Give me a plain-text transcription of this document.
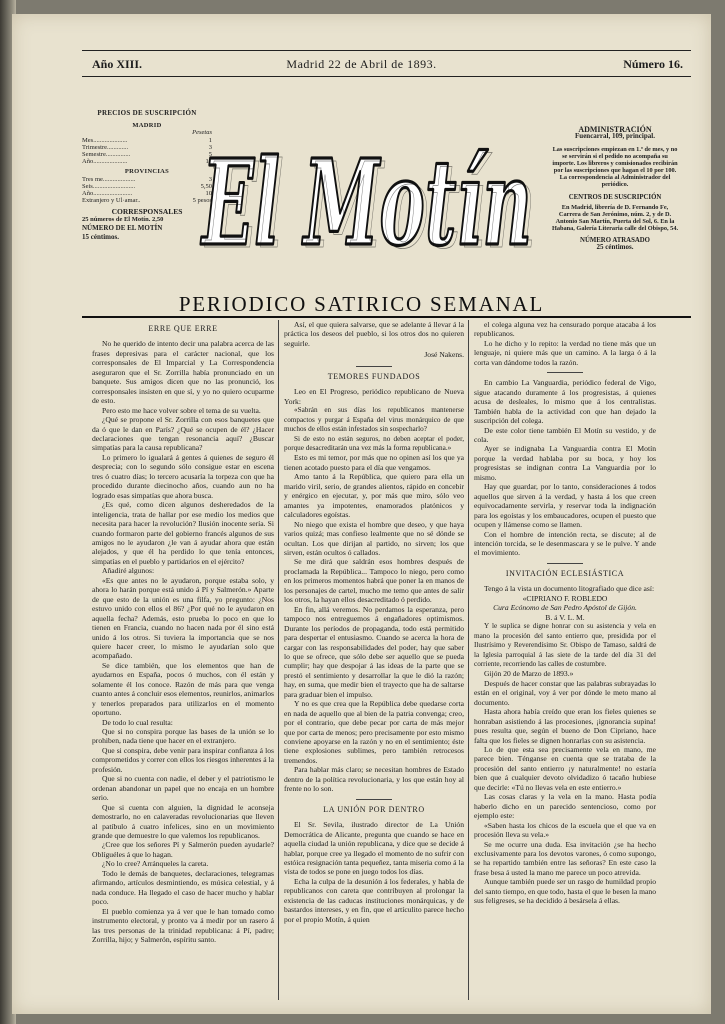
Año XIII.	Madrid 22 de Abril de 1893.	Número 16.
PRECIOS DE SUSCRIPCIÓN
MADRID
Pesetas
Mes.....................	1
Trimestre.............	3
Semestre...............	5
Año.....................	10
PROVINCIAS
Tres me....................	3
Seis..........................	5,50
Año........................	10
Extranjero y Ul·amar..	5 pesos
CORRESPONSALES
25 números de El Motín. 2,50
NÚMERO DE EL MOTÍN
15 céntimos.
ADMINISTRACIÓN
Fuencarral, 109, principal.
Las suscripciones empiezan en 1.º de mes, y no se servirán si el pedido no acompaña su importe. Los libreros y comisionados recibirán por las suscripciones que hagan el 10 por 100. La correspondencia al Administrador del periódico.
CENTROS DE SUSCRIPCIÓN
En Madrid, librería de D. Fernando Fe, Carrera de San Jerónimo, núm. 2, y de D. Antonio San Martín, Puerta del Sol, 6. En la Habana, Galería Literaria calle del Obispo, 54.
NÚMERO ATRASADO
25 céntimos.
El Motín
El Motín
PERIODICO SATIRICO SEMANAL

ERRE QUE ERRE

No he querido de intento decir una palabra acerca de las frases depresivas para el carácter nacional, que los corresponsales de El Imparcial y La Correspondencia aseguraron que el Sr. Zorrilla había pronunciado en un banquete. Sus amigos dicen que no las pronunció, los corresponsales insisten en que sí, y yo no quiero ocuparme de esto.

Pero esto me hace volver sobre el tema de su vuelta.

¿Qué se propone el Sr. Zorrilla con esos banquetes que da ó que le dan en París? ¿Qué se ocupen de él? ¿Hacer declaraciones que tengan resonancia aquí? ¿Buscar simpatías para la causa republicana?

Lo primero lo igualará á gentes á quienes de seguro él desprecia; con lo segundo sólo consigue estar en escena tres ó cuatro días; lo tercero acusaría la torpeza con que ha procedido durante diecinocho años, cuando aun no ha logrado esas simpatías que ahora busca.

¿Es qué, como dicen algunos desheredados de la inteligencia, trata de hallar por ese medio los medios que necesita para hacer la revolución? Ilusión inocente sería. Si cuando formaron parte del gobierno francés algunos de sus amigos no le ayudaron ¿le van á ayudar ahora que están alejados, y que él ha perdido lo que tenía entonces, simpatías en el pueblo y partidarios en el ejército?

Añadiré algunos:

«Es que antes no le ayudaron, porque estaba solo, y ahora lo harán porque está unido á Pí y Salmerón.» Aparte de que esto de la unión es una filfa, yo pregunto: ¿Nos estuvo unido con ellos el 86? ¿Por qué no le ayudaron en aquella fecha? Además, esto prueba lo poco en que lo tienen en Francia, cuando no hacen nada por él sino está unido á los otros. Si tuviera la importancia que se nos quiere hacer creer, lo mismo le ayudarían solo que acompañado.

Se dice también, que los elementos que han de ayudarnos en España, pocos ó muchos, con él están y solamente él los conoce. Razón de más para que venga cuanto antes á concluir esos elementos, reunirlos, animarlos y tenerlos preparados para utilizarlos en el momento oportuno.

De todo lo cual resulta:

Que si no conspira porque las bases de la unión se lo prohiben, nada tiene que hacer en el extranjero.

Que si conspira, debe venir para inspirar confianza á los comprometidos y correr con ellos los riesgos inherentes á la profesión.

Que si no cuenta con nadie, el deber y el patriotismo le ordenan abandonar un papel que no encaja en un hombre serio.

Que si cuenta con alguien, la dignidad le aconseja demostrarlo, no en calaveradas revolucionarias que lleven al patíbulo á cuatro infelices, sino en un movimiento grande que demuestre lo que valemos los republicanos.

¿Cree que los señores Pí y Salmerón pueden ayudarle? Oblíguéles á que lo hagan.

¿No lo cree? Arránqueles la careta.

Todo le demás de banquetes, declaraciones, telegramas afirmando, artículos desmintiendo, es música celestial, y á nada conduce. Ha llegado el caso de hacer mucho y hablar poco.

El pueblo comienza ya á ver que le han tomado como instrumento electoral, y pronto va á medir por un rasero á las tres personas de la trinidad republicana: á Pí, padre; Zorrilla, hijo; y Salmerón, espíritu santo.

Así, el que quiera salvarse, que se adelante á llevar á la práctica los deseos del pueblo, si los otros dos no quieren seguirle.

José Nakens.

TEMORES FUNDADOS

Leo en El Progreso, periódico republicano de Nueva York:

«Sabrán en sus días los republicanos mantenerse compactos y purgar á España del virus monárquico de que muchos de ellos están infestados sin sospecharlo?

Si de esto no están seguros, no deben aceptar el poder, porque desacreditarán una vez más la forma republicana.»

Esto es mi temor, por más que no opinen así los que ya tienen acotado puesto para el día que vengamos.

Amo tanto á la República, que quiero para ella un marido viril, serio, de grandes alientos, rápido en concebir y enérgico en ejecutar, y, por más que miro, sólo veo amantes ya impotentes, enamorados platónicos y calculadores egoístas.

No niego que exista el hombre que deseo, y que haya varios quizá; mas confieso lealmente que no sé dónde se ocultan. Los que dirijan al partido, no sirven; los que sirven, están ocultos ó callados.

Se me dirá que saldrán esos hombres después de proclamada la República... Tampoco lo niego, pero como en los primeros momentos habrá que poner la en manos de los personajes de cartel, mucho me temo que antes de salir los otros, la hayan ellos desacreditado ó perdido.

En fin, allá veremos. No perdamos la esperanza, pero tampoco nos entreguemos á engañadores optimismos. Durante los períodos de propaganda, todo está permitido para despertar el entusiasmo. Cuando se acerca la hora de cargar con las responsabilidades del poder, hay que saber lo que se ofrece, que sólo debe ser aquello que se pueda cumplir; hay que despojar á las ideas de la parte que se prestó el sentimiento y desarrollar la que le dió la razón; hay, en suma, que medir bien el trayecto que ha de saltarse para graduar bien el impulso.

Y no es que crea que la República debe quedarse corta en nada de aquello que al bien de la patria convenga; creo, por el contrario, que debe pecar por carta de más mejor que por carta de menos; pero precisamente por esto mismo conviene apoyarse en la razón y no en el sentimiento; éste tiene explosiones sublimes, pero también retrocesos tremendos.

Para hablar más claro; se necesitan hombres de Estado dentro de la política revolucionaria, y los que están hoy al frente no lo son.

LA UNIÓN POR DENTRO

El Sr. Sevila, ilustrado director de La Unión Democrática de Alicante, pregunta que cuando se hace en aquella ciudad la unión republicana, y dice que se decide á hablar, porque cree ya llegado el momento de no sufrir con estóica resignación tanta pequeñez, tanta miseria como á la vista de todos se pone en juego todos los días.

Echa la culpa de la desunión á los federales, y habla de republicanos con careta que contribuyen al prolongar la existencia de las caducas instituciones monárquicas, y de bastardos intereses, y en fin, que el artículito parece hecho por el propio Motín, á quien

el colega alguna vez ha censurado porque atacaba á los republicanos.

Lo he dicho y lo repito: la verdad no tiene más que un lenguaje, ni quiere más que un camino. A la larga ó á la corta van dándome todos la razón.

En cambio La Vanguardia, periódico federal de Vigo, sigue atacando duramente á los progresistas, á quienes acusa de desleales, lo mismo que á los centralistas. También habla de la actividad con que han dejado la suscripción del colega.

De este color tiene también El Motín su vestido, y de cola.

Ayer se indignaba La Vanguardia contra El Motín porque la verdad hablaba por su boca, y hoy los progresistas se indignan contra La Vanguardia por lo mismo.

Hay que guardar, por lo tanto, consideraciones á todos aquellos que sirven á la verdad, y hasta á los que creen equivocadamente servirla, y reservar toda la indignación para los egoístas y los embaucadores, ocupen el puesto que ocupen y llámense como se llamen.

Con el hombre de intención recta, se discute; al de intención torcida, se le desenmascara y se le pulve. Y ande el movimiento.

INVITACIÓN ECLESIÁSTICA

Tengo á la vista un documento litografiado que dice así:

«CIPRIANO F. ROBLEDO

Cura Ecónomo de San Pedro Apóstol de Gijón.

B. á V. L. M.

Y le suplica se digne honrar con su asistencia y vela en mano la procesión del santo entierro que, presidida por el Ilustrísimo y Reverendísimo Sr. Obispo de Tamaso, saldrá de la Iglesia parroquial á las siete de la tarde del día 31 del corriente, recorriendo las calles de costumbre.

Gijón 20 de Marzo de 1893.»

Después de hacer constar que las palabras subrayadas lo están en el original, voy á ver por dónde le meto mano al documento.

Hasta ahora había creído que eran los fieles quienes se honraban asistiendo á las procesiones, ¡ignorancia supina! pues resulta que, según el bueno de Don Cipriano, hace falta que los fieles se dignen honrarlas con su asistencia.

Lo de que esta sea precisamente vela en mano, me parece bien. Ténganse en cuenta que se trataba de la procesión del santo entierro ¡y naturalmente! no estaría bien que á cualquier devoto olvidadizo ó tacaño hubiese que decirle: «Tú no llevas vela en este entierro.»

Las cosas claras y la vela en la mano. Hasta podía haberlo dicho en un parecido sentencioso, como por ejemplo este:

«Saben hasta los chicos de la escuela que el que va en procesión lleva su vela.»

Se me ocurre una duda. Esa invitación ¿se ha hecho exclusivamente para los devotos varones, ó como supongo, se ha repartido también entre las señoras? En este caso la frase besa á usted la mano me parece un poco atrevida.

Aunque también puede ser un rasgo de humildad propio del santo tiempo, en que todo, hasta el que le besen la mano sus feligreses, se ha decidido á besársela á ellas.
